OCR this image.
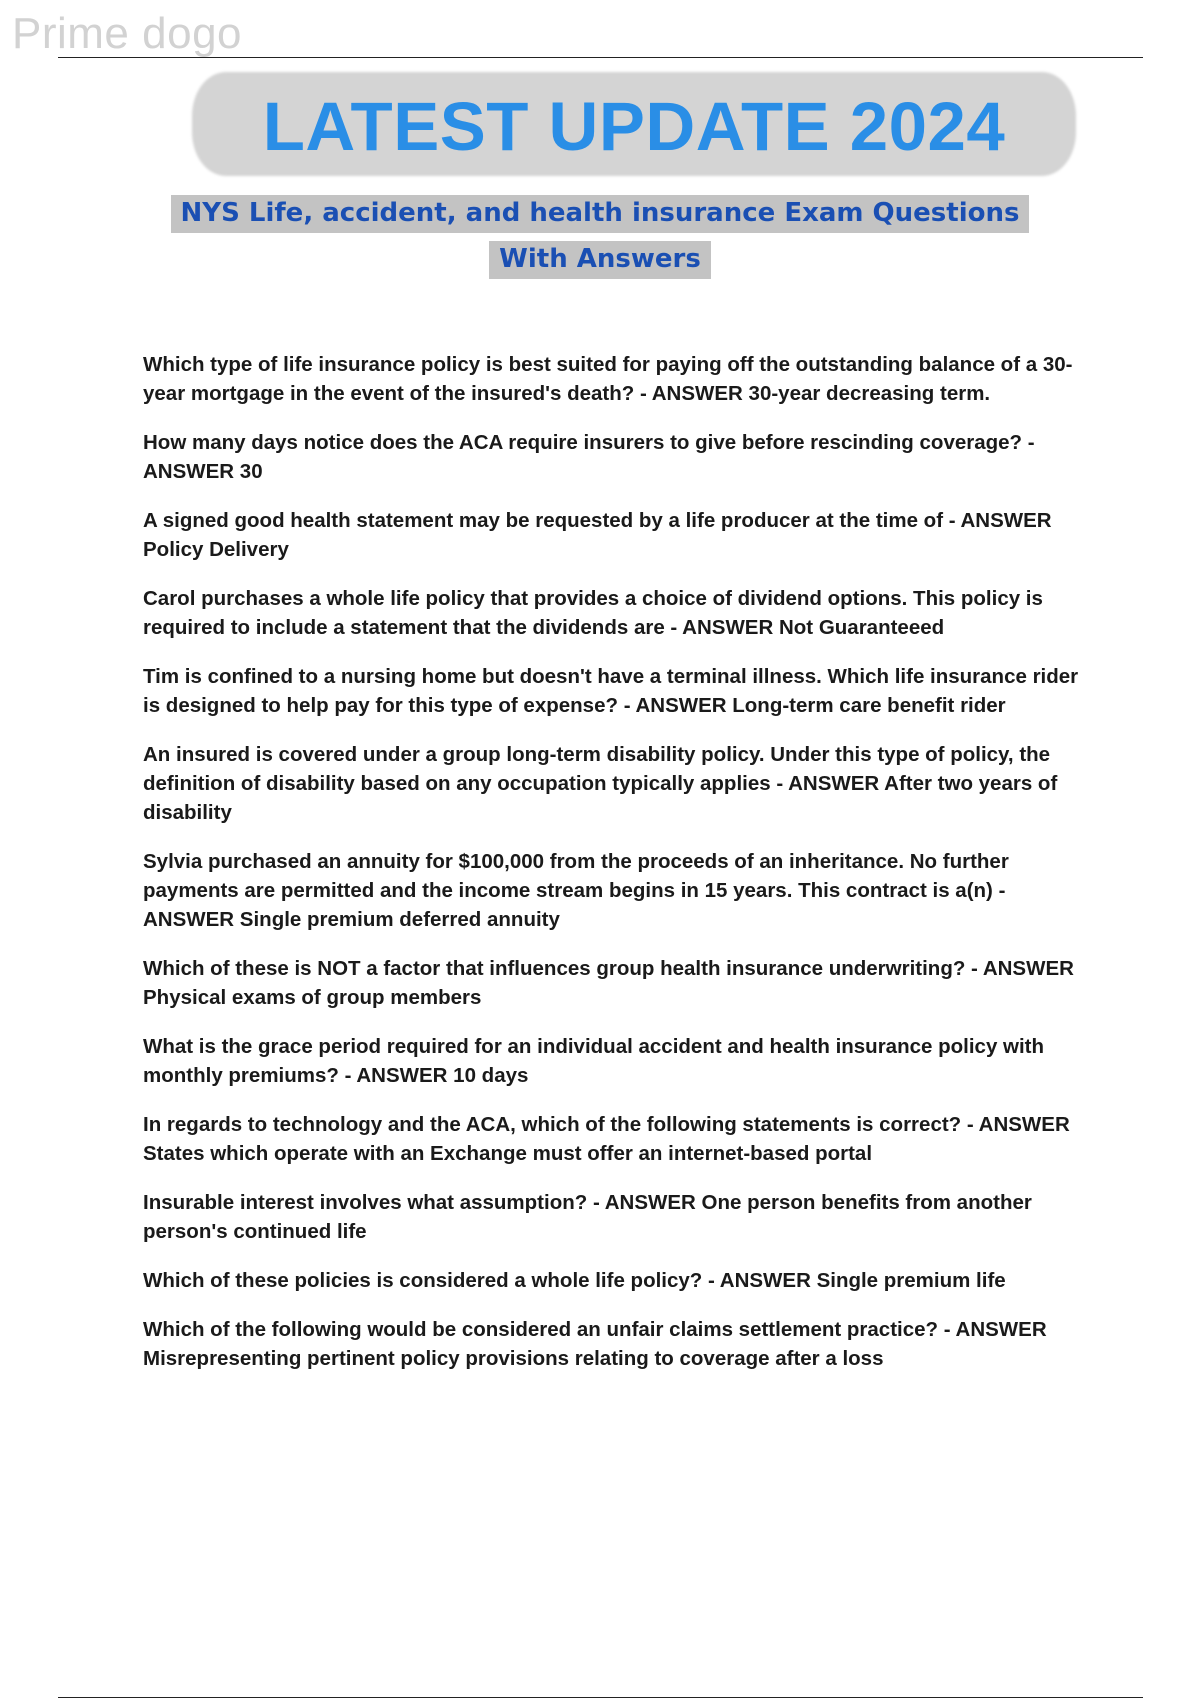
Prime dogo
LATEST UPDATE 2024
NYS Life, accident, and health insurance Exam Questions
With Answers
Which type of life insurance policy is best suited for paying off the outstanding balance of a 30-year mortgage in the event of the insured's death? - ANSWER 30-year decreasing term.
How many days notice does the ACA require insurers to give before rescinding coverage? - ANSWER 30
A signed good health statement may be requested by a life producer at the time of - ANSWER Policy Delivery
Carol purchases a whole life policy that provides a choice of dividend options. This policy is required to include a statement that the dividends are - ANSWER Not Guaranteeed
Tim is confined to a nursing home but doesn't have a terminal illness. Which life insurance rider is designed to help pay for this type of expense? - ANSWER Long-term care benefit rider
An insured is covered under a group long-term disability policy. Under this type of policy, the definition of disability based on any occupation typically applies - ANSWER After two years of disability
Sylvia purchased an annuity for $100,000 from the proceeds of an inheritance. No further payments are permitted and the income stream begins in 15 years. This contract is a(n) - ANSWER Single premium deferred annuity
Which of these is NOT a factor that influences group health insurance underwriting? - ANSWER Physical exams of group members
What is the grace period required for an individual accident and health insurance policy with monthly premiums? - ANSWER 10 days
In regards to technology and the ACA, which of the following statements is correct? - ANSWER States which operate with an Exchange must offer an internet-based portal
Insurable interest involves what assumption? - ANSWER One person benefits from another person's continued life
Which of these policies is considered a whole life policy? - ANSWER Single premium life
Which of the following would be considered an unfair claims settlement practice? - ANSWER Misrepresenting pertinent policy provisions relating to coverage after a loss
